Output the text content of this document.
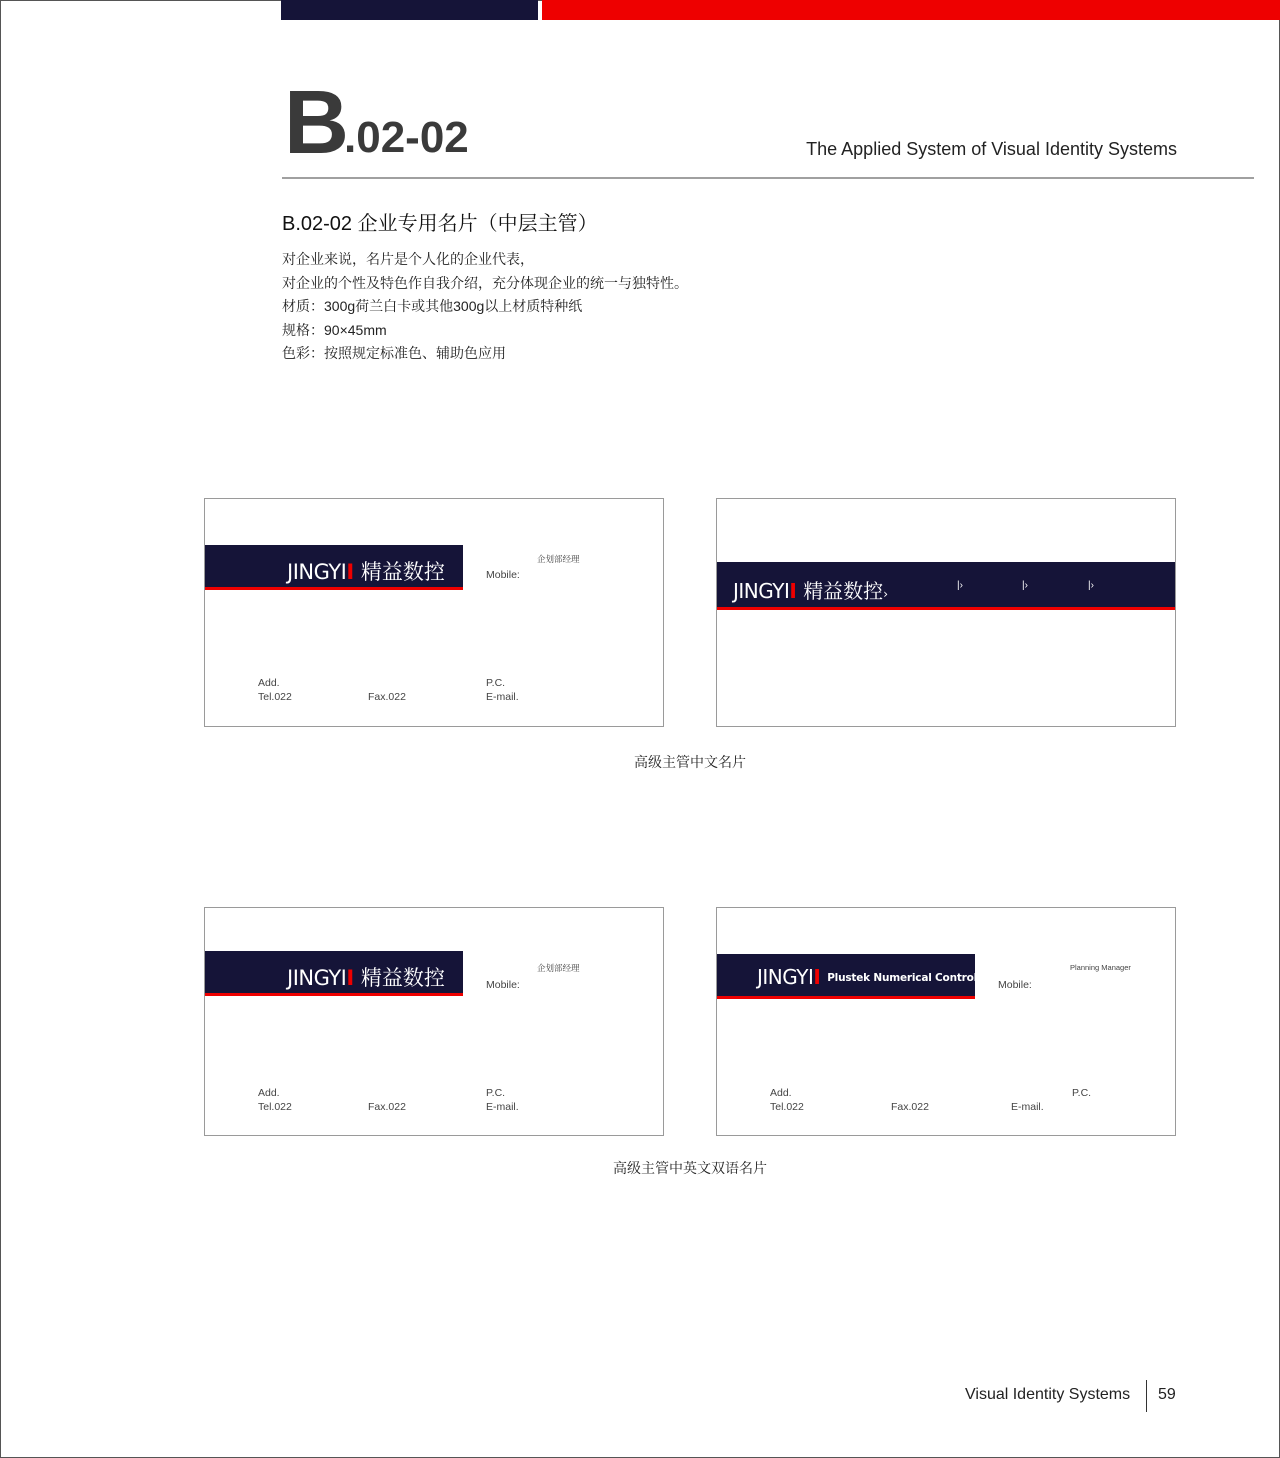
B
.02-02	The Applied System of Visual Identity Systems
B.02-02 企业专用名片（中层主管）
对企业来说，名片是个人化的企业代表，
对企业的个性及特色作自我介绍，充分体现企业的统一与独特性。
材质：300g荷兰白卡或其他300g以上材质特种纸
规格：90×45mm
色彩：按照规定标准色、辅助色应用
JINGYII 精益数控
企划部经理
Mobile:
Add.
Tel.022	Fax.022
P.C.
E-mail.
JINGYII 精益数控›
|›	|›	|›
高级主管中文名片
JINGYII 精益数控	企划部经理
Mobile:
Add.
Tel.022	Fax.022
P.C.
E-mail.
JINGYII Plustek Numerical Control
Planning Manager
Mobile:
Add.
Tel.022	Fax.022
P.C.
E-mail.
高级主管中英文双语名片
Visual Identity Systems 59
